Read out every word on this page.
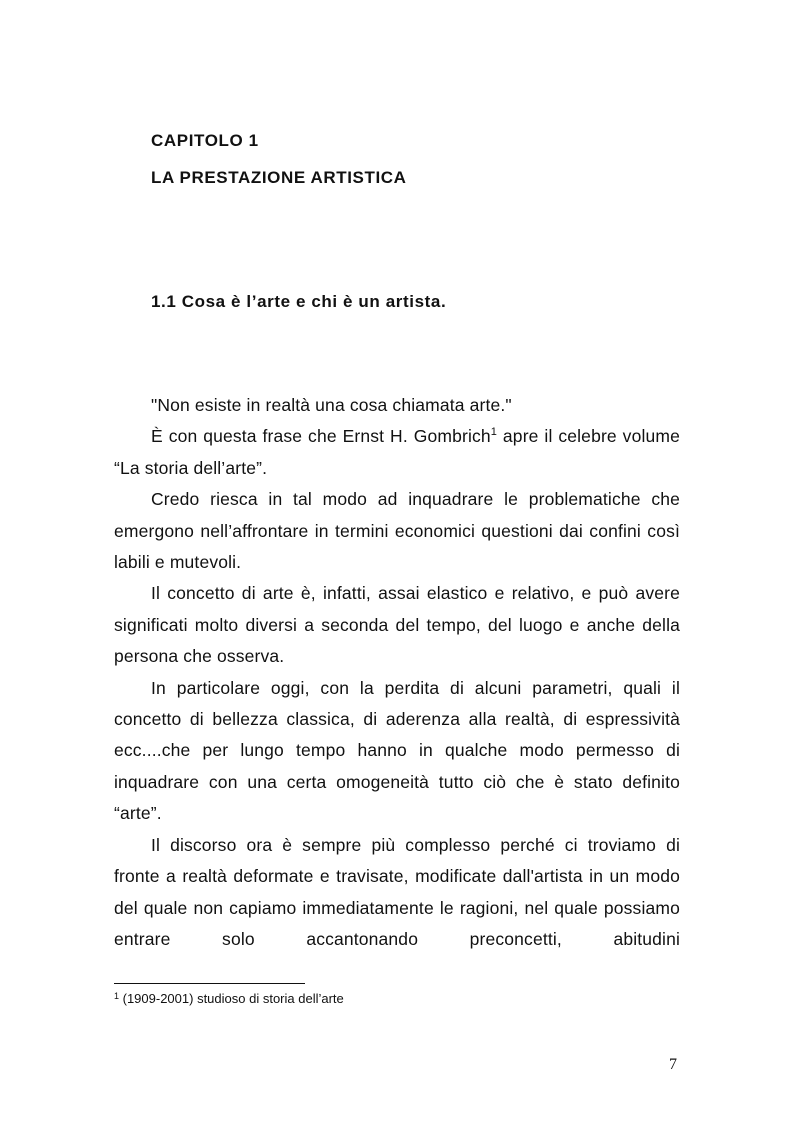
CAPITOLO 1
LA PRESTAZIONE ARTISTICA
1.1 Cosa è l’arte e chi è un artista.

"Non esiste in realtà una cosa chiamata arte."

È con questa frase che Ernst H. Gombrich$^1$ apre il celebre volume “La storia dell’arte”.

Credo riesca in tal modo ad inquadrare le problematiche che emergono nell’affrontare in termini economici questioni dai confini così labili e mutevoli.

Il concetto di arte è, infatti, assai elastico e relativo, e può avere significati molto diversi a seconda del tempo, del luogo e anche della persona che osserva.

In particolare oggi, con la perdita di alcuni parametri, quali il concetto di bellezza classica, di aderenza alla realtà, di espressività ecc....che per lungo tempo hanno in qualche modo permesso di inquadrare con una certa omogeneità tutto ciò che è stato definito “arte”.

Il discorso ora è sempre più complesso perché ci troviamo di fronte a realtà deformate e travisate, modificate dall'artista in un modo del quale non capiamo immediatamente le ragioni, nel quale possiamo entrare solo accantonando preconcetti, abitudini

$^1$ (1909-2001) studioso di storia dell’arte
7
